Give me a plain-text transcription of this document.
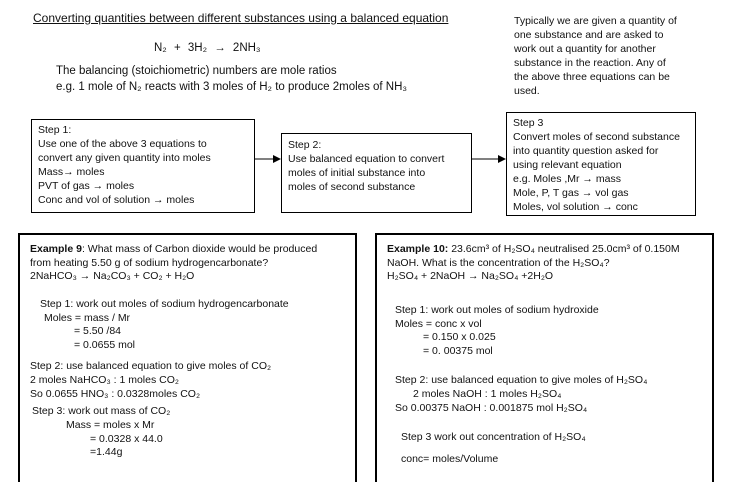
Converting quantities between different substances using a balanced equation
N₂ + 3H₂ → 2NH₃
The balancing (stoichiometric) numbers are mole ratios
e.g. 1 mole of N₂ reacts with 3 moles of H₂ to produce 2moles of NH₃
Typically we are given a quantity of
one substance and are asked to
work out a quantity for another
substance in the reaction. Any of
the above three equations can be
used.
Step 1:
Use one of the above 3 equations to
convert any given quantity into moles
Mass→ moles
PVT of gas → moles
Conc and vol of solution → moles
Step 2:
Use balanced equation to convert
moles of initial substance into
moles of second substance
Step 3
Convert moles of second substance
into quantity question asked for
using relevant equation
e.g. Moles ,Mr → mass
Mole, P, T gas → vol gas
Moles, vol solution → conc
Example 9: What mass of Carbon dioxide would be produced
from heating 5.50 g of sodium hydrogencarbonate?
2NaHCO₃ → Na₂CO₃ + CO₂ + H₂O
Step 1: work out moles of sodium hydrogencarbonate
Moles = mass / Mr
= 5.50 /84
= 0.0655 mol
Step 2: use balanced equation to give moles of CO₂
2 moles NaHCO₃ : 1 moles CO₂
So 0.0655 HNO₃ : 0.0328moles CO₂
Step 3: work out mass of CO₂
Mass = moles x Mr
= 0.0328 x 44.0
=1.44g
Example 10: 23.6cm³ of H₂SO₄ neutralised 25.0cm³ of 0.150M
NaOH. What is the concentration of the H₂SO₄?
H₂SO₄ + 2NaOH → Na₂SO₄ +2H₂O
Step 1: work out moles of sodium hydroxide
Moles = conc x vol
= 0.150 x 0.025
= 0. 00375 mol
Step 2: use balanced equation to give moles of H₂SO₄
2 moles NaOH : 1 moles H₂SO₄
So 0.00375 NaOH : 0.001875 mol H₂SO₄
Step 3 work out concentration of H₂SO₄
conc= moles/Volume
